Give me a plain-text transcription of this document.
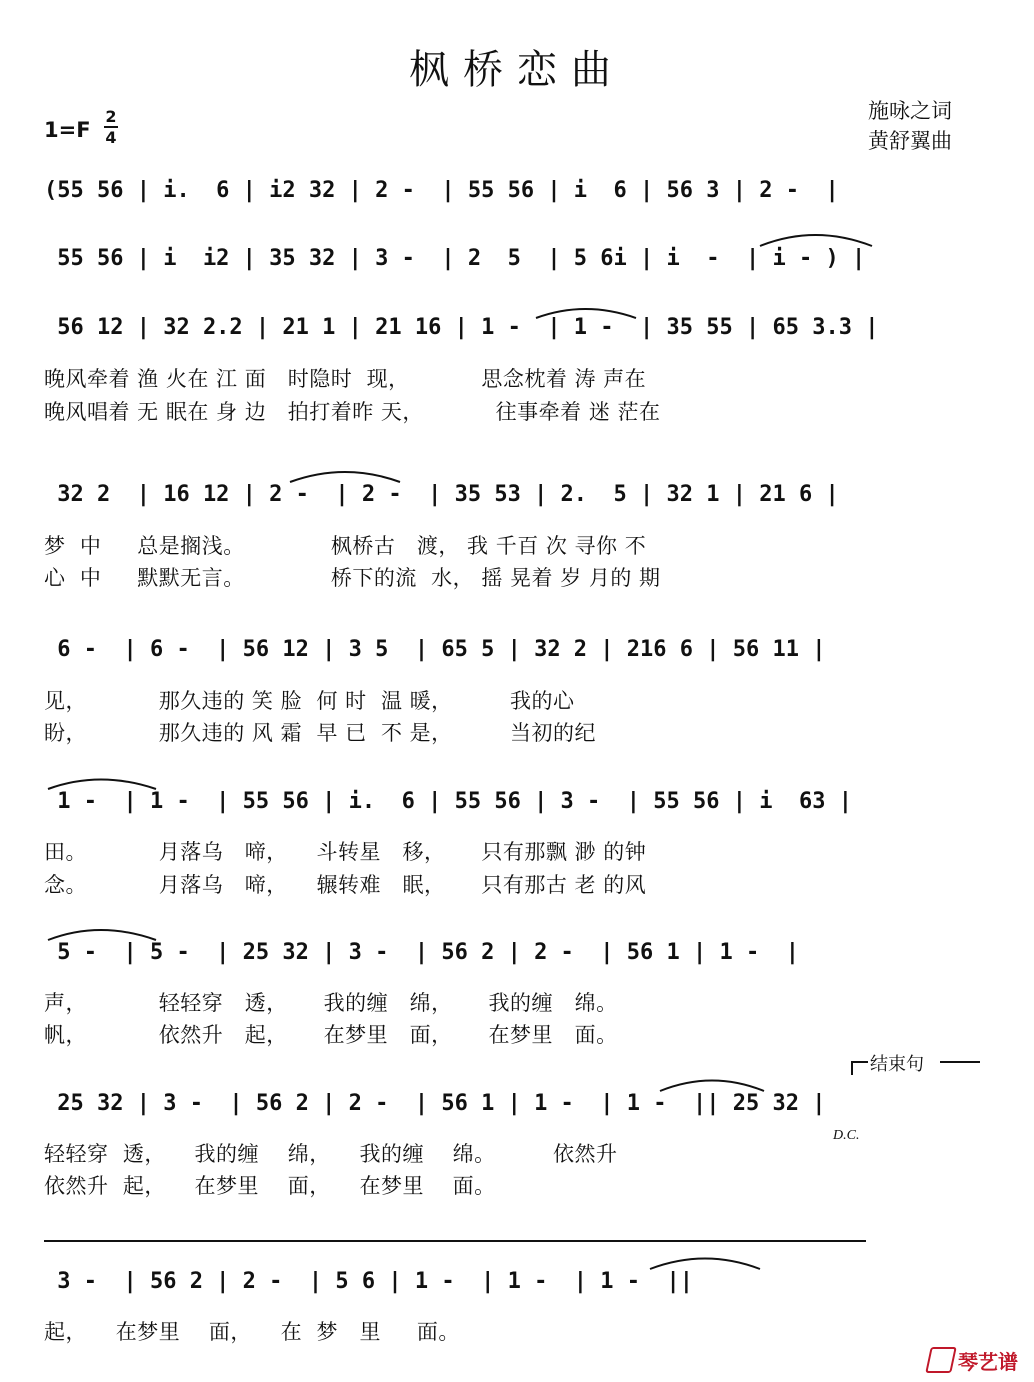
枫桥恋曲
施咏之词
黄舒翼曲
1=F
2
4
(55 56 | i.  6 | i2 32 | 2 -  | 55 56 | i  6 | 56 3 | 2 -  |
55 56 | i  i2 | 35 32 | 3 -  | 2  5  | 5 6i | i  -  | i - ) |
56 12 | 32 2.2 | 21 1 | 21 16 | 1 -  | 1 -  | 35 55 | 65 3.3 |
晚风牵着 渔 火在 江 面   时隐时  现，          思念枕着 涛 声在
晚风唱着 无 眠在 身 边   拍打着昨 天，          往事牵着 迷 茫在
32 2  | 16 12 | 2 -  | 2 -  | 35 53 | 2.  5 | 32 1 | 21 6 |
梦  中     总是搁浅。            枫桥古   渡， 我 千百 次 寻你 不
心  中     默默无言。            桥下的流  水， 摇 晃着 岁 月的 期
6 -  | 6 -  | 56 12 | 3 5  | 65 5 | 32 2 | 216 6 | 56 11 |
见，          那久违的 笑 脸  何 时  温 暖，        我的心
盼，          那久违的 风 霜  早 已  不 是，        当初的纪
1 -  | 1 -  | 55 56 | i.  6 | 55 56 | 3 -  | 55 56 | i  63 |
田。          月落乌   啼，    斗转星   移，     只有那飘 渺 的钟
念。          月落乌   啼，    辗转难   眠，     只有那古 老 的风
5 -  | 5 -  | 25 32 | 3 -  | 56 2 | 2 -  | 56 1 | 1 -  |
声，          轻轻穿   透，     我的缠   绵，     我的缠   绵。
帆，          依然升   起，     在梦里   面，     在梦里   面。
结束句
25 32 | 3 -  | 56 2 | 2 -  | 56 1 | 1 -  | 1 -  || 25 32 |
D.C.
轻轻穿  透，    我的缠    绵，    我的缠    绵。        依然升
依然升  起，    在梦里    面，    在梦里    面。
3 -  | 56 2 | 2 -  | 5 6 | 1 -  | 1 -  | 1 -  ||
起，    在梦里    面，    在  梦   里     面。
琴艺谱
